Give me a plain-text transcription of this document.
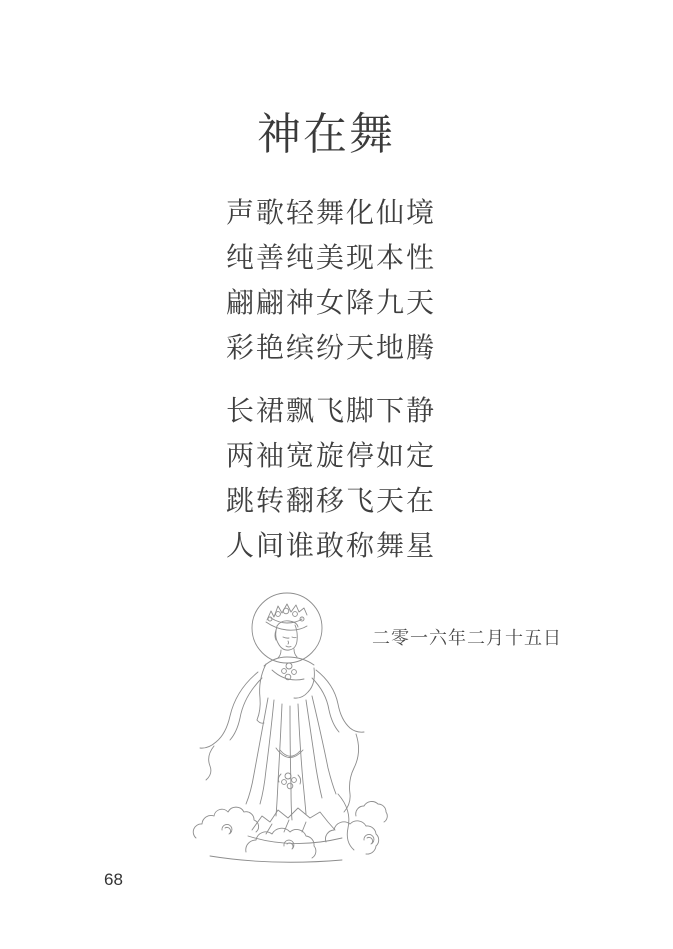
神在舞
声歌轻舞化仙境
纯善纯美现本性
翩翩神女降九天
彩艳缤纷天地腾
长裙飘飞脚下静
两袖宽旋停如定
跳转翻移飞天在
人间谁敢称舞星
二零一六年二月十五日
68
